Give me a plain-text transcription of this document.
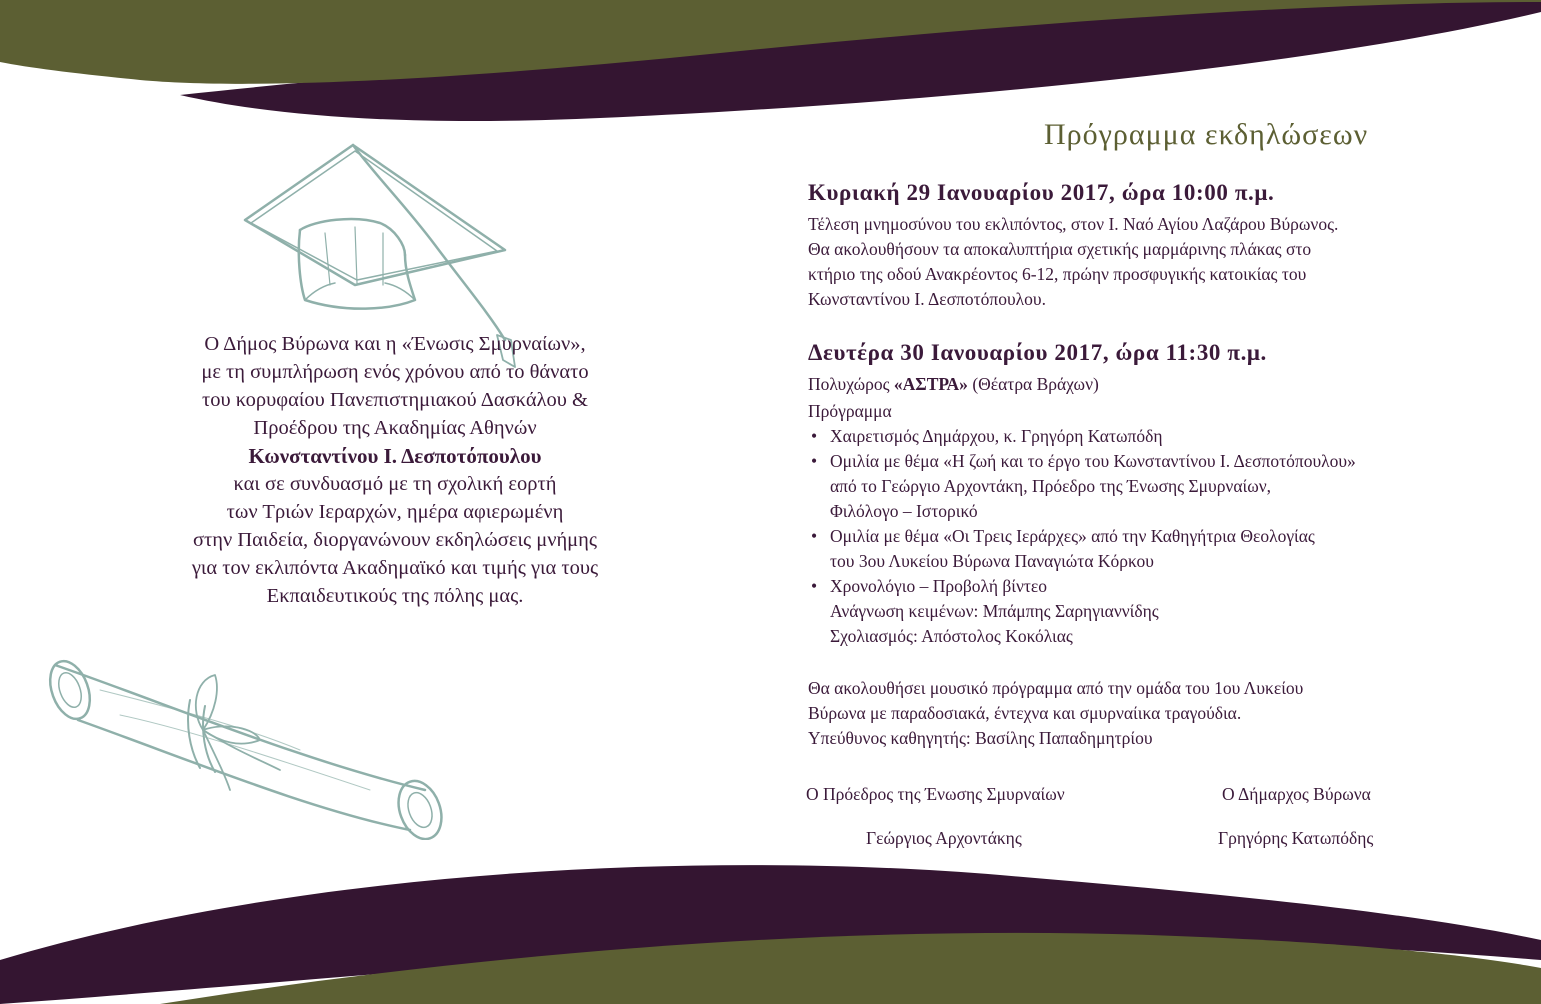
Ο Δήμος Βύρωνα και η «Ένωσις Σμυρναίων»,
με τη συμπλήρωση ενός χρόνου από το θάνατο
του κορυφαίου Πανεπιστημιακού Δασκάλου &
Προέδρου της Ακαδημίας Αθηνών
Κωνσταντίνου Ι. Δεσποτόπουλου
και σε συνδυασμό με τη σχολική εορτή
των Τριών Ιεραρχών, ημέρα αφιερωμένη
στην Παιδεία, διοργανώνουν εκδηλώσεις μνήμης
για τον εκλιπόντα Ακαδημαϊκό και τιμής για τους
Εκπαιδευτικούς της πόλης μας.
Πρόγραμμα εκδηλώσεων
Κυριακή 29 Ιανουαρίου 2017, ώρα 10:00 π.μ.
Τέλεση μνημοσύνου του εκλιπόντος, στον Ι. Ναό Αγίου Λαζάρου Βύρωνος.
Θα ακολουθήσουν τα αποκαλυπτήρια σχετικής μαρμάρινης πλάκας στο
κτήριο της οδού Ανακρέοντος 6-12, πρώην προσφυγικής κατοικίας του
Κωνσταντίνου Ι. Δεσποτόπουλου.
Δευτέρα 30 Ιανουαρίου 2017, ώρα 11:30 π.μ.
Πολυχώρος «ΑΣΤΡΑ» (Θέατρα Βράχων)
Πρόγραμμα
• Χαιρετισμός Δημάρχου, κ. Γρηγόρη Κατωπόδη
• Ομιλία με θέμα «Η ζωή και το έργο του Κωνσταντίνου Ι. Δεσποτόπουλου»
από το Γεώργιο Αρχοντάκη, Πρόεδρο της Ένωσης Σμυρναίων,
Φιλόλογο – Ιστορικό
• Ομιλία με θέμα «Οι Τρεις Ιεράρχες» από την Καθηγήτρια Θεολογίας
του 3ου Λυκείου Βύρωνα Παναγιώτα Κόρκου
• Χρονολόγιο – Προβολή βίντεο
Ανάγνωση κειμένων: Μπάμπης Σαρηγιαννίδης
Σχολιασμός: Απόστολος Κοκόλιας
Θα ακολουθήσει μουσικό πρόγραμμα από την ομάδα του 1ου Λυκείου
Βύρωνα με παραδοσιακά, έντεχνα και σμυρναίικα τραγούδια.
Υπεύθυνος καθηγητής: Βασίλης Παπαδημητρίου
Ο Πρόεδρος της Ένωσης Σμυρναίων
Γεώργιος Αρχοντάκης
Ο Δήμαρχος Βύρωνα
Γρηγόρης Κατωπόδης
